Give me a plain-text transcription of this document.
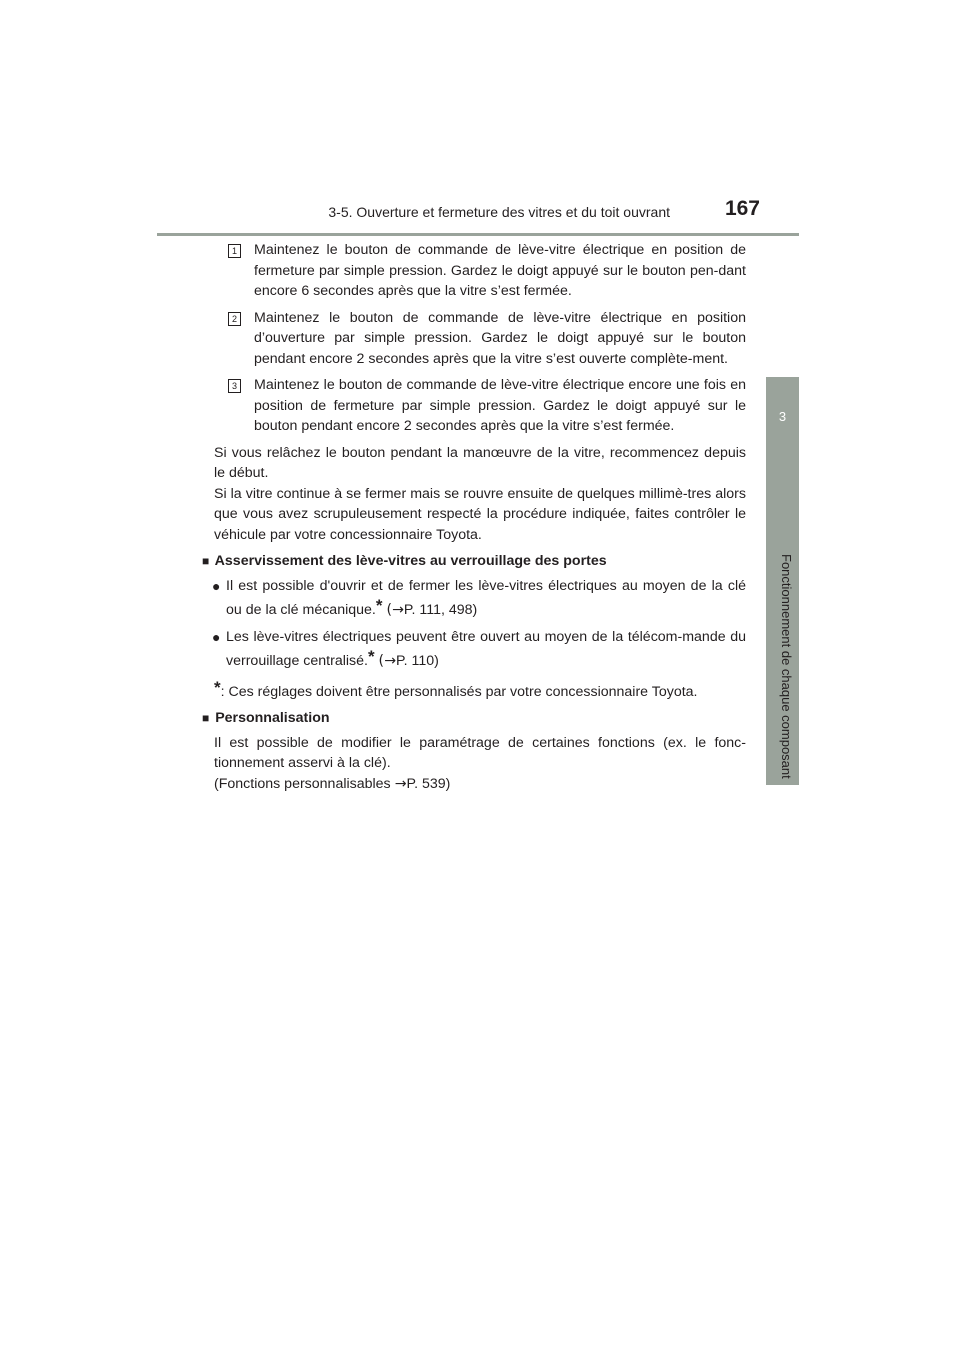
3-5. Ouverture et fermeture des vitres et du toit ouvrant	167
3
Fonctionnement de chaque composant
1 Maintenez le bouton de commande de lève-vitre électrique en position de fermeture par simple pression. Gardez le doigt appuyé sur le bouton pen-dant encore 6 secondes après que la vitre s’est fermée.
2 Maintenez le bouton de commande de lève-vitre électrique en position d’ouverture par simple pression. Gardez le doigt appuyé sur le bouton pendant encore 2 secondes après que la vitre s’est ouverte complète-ment.
3 Maintenez le bouton de commande de lève-vitre électrique encore une fois en position de fermeture par simple pression. Gardez le doigt appuyé sur le bouton pendant encore 2 secondes après que la vitre s’est fermée.

Si vous relâchez le bouton pendant la manœuvre de la vitre, recommencez depuis le début.
Si la vitre continue à se fermer mais se rouvre ensuite de quelques millimè-tres alors que vous avez scrupuleusement respecté la procédure indiquée, faites contrôler le véhicule par votre concessionnaire Toyota.

■ Asservissement des lève-vitres au verrouillage des portes
● Il est possible d'ouvrir et de fermer les lève-vitres électriques au moyen de la clé ou de la clé mécanique.* (→P. 111, 498)
● Les lève-vitres électriques peuvent être ouvert au moyen de la télécom-mande du verrouillage centralisé.* (→P. 110)
*: Ces réglages doivent être personnalisés par votre concessionnaire Toyota.
■ Personnalisation

Il est possible de modifier le paramétrage de certaines fonctions (ex. le fonc-tionnement asservi à la clé).
(Fonctions personnalisables →P. 539)
